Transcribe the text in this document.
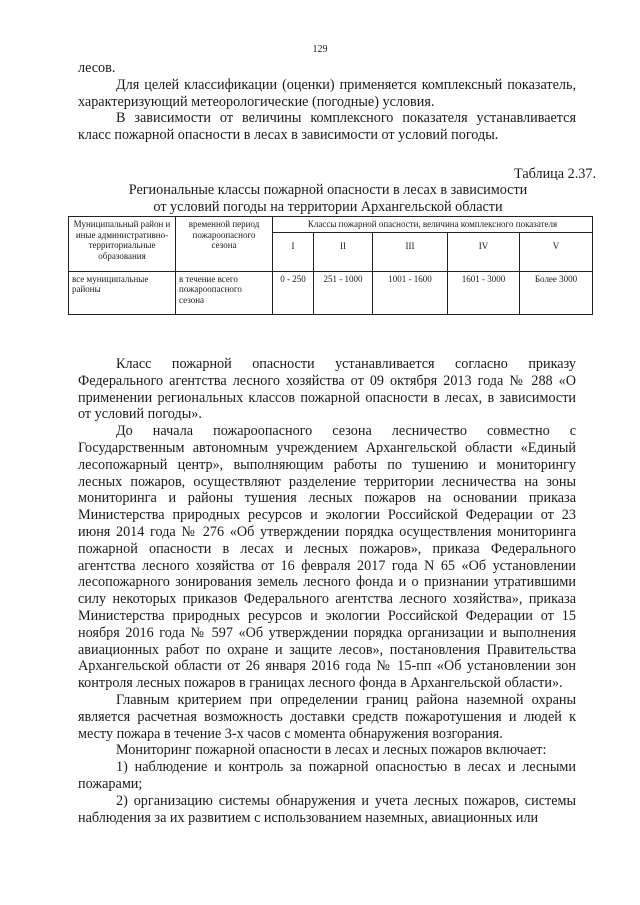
129

лесов.

Для целей классификации (оценки) применяется комплексный показатель, характеризующий метеорологические (погодные) условия.

В зависимости от величины комплексного показателя устанавливается класс пожарной опасности в лесах в зависимости от условий погоды.

Таблица 2.37.
Региональные классы пожарной опасности в лесах в зависимости
от условий погоды на территории Архангельской области
Муниципальный район и иные административно-территориальные образования	временной период пожароопасного сезона	Классы пожарной опасности, величина комплексного показателя				
		I	II	III	IV	V
все муниципальные районы	в течение всего пожароопасного сезона	0 - 250	251 - 1000	1001 - 1600	1601 - 3000	Более 3000

Класс пожарной опасности устанавливается согласно приказу Федерального агентства лесного хозяйства от 09 октября 2013 года № 288 «О применении региональных классов пожарной опасности в лесах, в зависимости от условий погоды».

До начала пожароопасного сезона лесничество совместно с Государственным автономным учреждением Архангельской области «Единый лесопожарный центр», выполняющим работы по тушению и мониторингу лесных пожаров, осуществляют разделение территории лесничества на зоны мониторинга и районы тушения лесных пожаров на основании приказа Министерства природных ресурсов и экологии Российской Федерации от 23 июня 2014 года № 276 «Об утверждении порядка осуществления мониторинга пожарной опасности в лесах и лесных пожаров», приказа Федерального агентства лесного хозяйства от 16 февраля 2017 года N 65 «Об установлении лесопожарного зонирования земель лесного фонда и о признании утратившими силу некоторых приказов Федерального агентства лесного хозяйства», приказа Министерства природных ресурсов и экологии Российской Федерации от 15 ноября 2016 года № 597 «Об утверждении порядка организации и выполнения авиационных работ по охране и защите лесов», постановления Правительства Архангельской области от 26 января 2016 года № 15-пп «Об установлении зон контроля лесных пожаров в границах лесного фонда в Архангельской области».

Главным критерием при определении границ района наземной охраны является расчетная возможность доставки средств пожаротушения и людей к месту пожара в течение 3-х часов с момента обнаружения возгорания.

Мониторинг пожарной опасности в лесах и лесных пожаров включает:

1) наблюдение и контроль за пожарной опасностью в лесах и лесными пожарами;

2) организацию системы обнаружения и учета лесных пожаров, системы наблюдения за их развитием с использованием наземных, авиационных или
